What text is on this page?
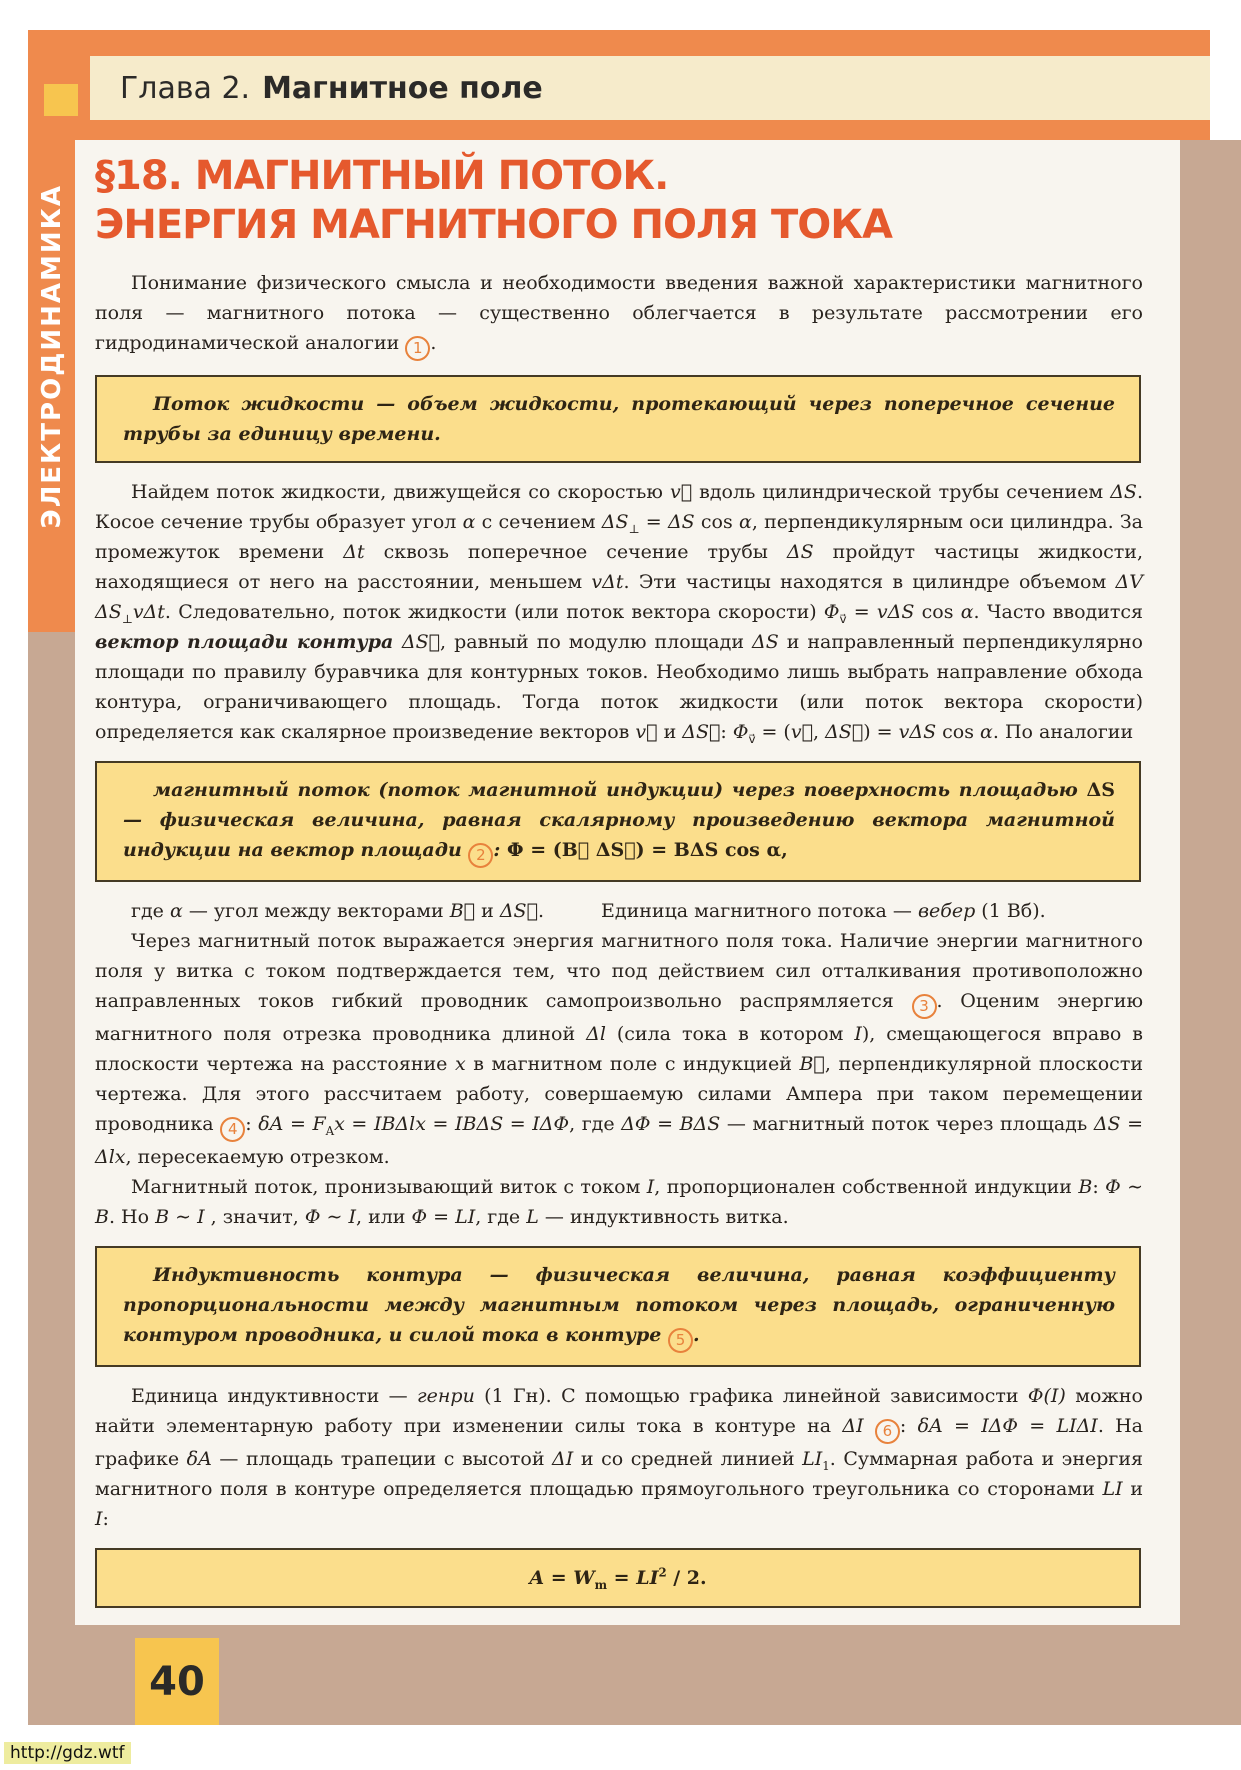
Глава 2. Магнитное поле
ЭЛЕКТРОДИНАМИКА
§18. МАГНИТНЫЙ ПОТОК.
ЭНЕРГИЯ МАГНИТНОГО ПОЛЯ ТОКА
Понимание физического смысла и необходимости введения важной характеристики магнитного поля — магнитного потока — существенно облегчается в результате рассмотрении его гидродинамической аналогии 1 .
Поток жидкости — объем жидкости, протекающий через поперечное сечение трубы за единицу времени.
Найдем поток жидкости, движущейся со скоростью v⃗ вдоль цилиндрической трубы сечением ΔS. Косое сечение трубы образует угол α с сечением $\Delta S_\perp = \Delta S$ cos α, перпендикулярным оси цилиндра. За промежуток времени Δt сквозь поперечное сечение трубы ΔS пройдут частицы жидкости, находящиеся от него на расстоянии, меньшем vΔt. Эти частицы находятся в цилиндре объемом ΔV $\Delta S_\perp v\Delta t$. Следовательно, поток жидкости (или поток вектора скорости) $\Phi_{v⃗} = v\Delta S$ cos α. Часто вводится вектор площади контура ΔS⃗, равный по модулю площади ΔS и направленный перпендикулярно площади по правилу буравчика для контурных токов. Необходимо лишь выбрать направление обхода контура, ограничивающего площадь. Тогда поток жидкости (или поток вектора скорости) определяется как скалярное произведение векторов v⃗ и ΔS⃗: $\Phi_{v⃗}$ = (v⃗, ΔS⃗) = vΔS cos α. По аналогии
магнитный поток (поток магнитной индукции) через поверхность площадью ΔS — физическая величина, равная скалярному произведению вектора магнитной индукции на вектор площади 2 : Φ = (B⃗ ΔS⃗) = BΔS cos α,
где α — угол между векторами B⃗ и ΔS⃗.   Единица магнитного потока — вебер (1 Вб).
Через магнитный поток выражается энергия магнитного поля тока. Наличие энергии магнитного поля у витка с током подтверждается тем, что под действием сил отталкивания противоположно направленных токов гибкий проводник самопроизвольно распрямляется 3 . Оценим энергию магнитного поля отрезка проводника длиной Δl (сила тока в котором I), смещающегося вправо в плоскости чертежа на расстояние x в магнитном поле с индукцией B⃗, перпендикулярной плоскости чертежа. Для этого рассчитаем работу, совершаемую силами Ампера при таком перемещении проводника 4 : $\delta A = F_Ax = IB\Delta lx = IB\Delta S = I\Delta\Phi$, где ΔΦ = BΔS — магнитный поток через площадь ΔS = Δlx, пересекаемую отрезком.
Магнитный поток, пронизывающий виток с током I, пропорционален собственной индукции B: Φ ∼ B. Но B ∼ I , значит, Φ ∼ I, или Φ = LI, где L — индуктивность витка.
Индуктивность контура — физическая величина, равная коэффициенту пропорциональности между магнитным потоком через площадь, ограниченную контуром проводника, и силой тока в контуре 5 .
Единица индуктивности — генри (1 Гн). С помощью графика линейной зависимости Φ(I) можно найти элементарную работу при изменении силы тока в контуре на ΔI 6 : δA = IΔΦ = LIΔI. На графике δA — площадь трапеции с высотой ΔI и со средней линией $LI_1$. Суммарная работа и энергия магнитного поля в контуре определяется площадью прямоугольного треугольника со сторонами LI и I:
$A = W_m = LI^2 / 2$.
40
http://gdz.wtf
